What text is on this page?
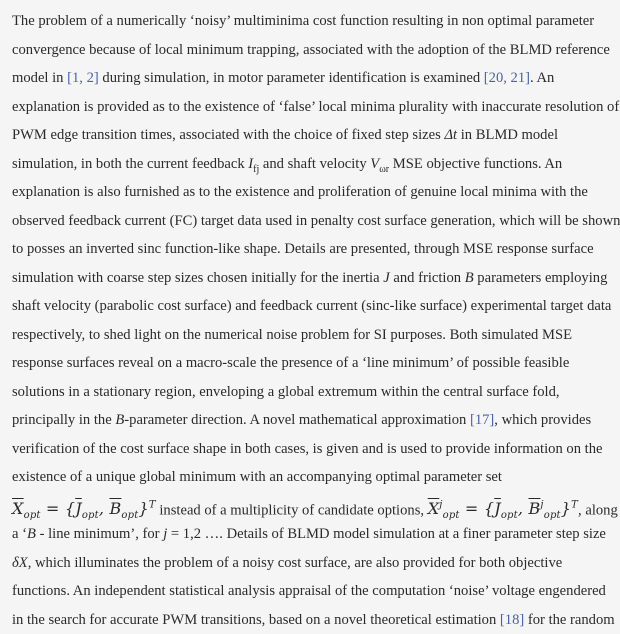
The problem of a numerically ‘noisy’ multiminima cost function resulting in non optimal parameter
convergence because of local minimum trapping, associated with the adoption of the BLMD reference
model in [1, 2] during simulation, in motor parameter identification is examined [20, 21]. An
explanation is provided as to the existence of ‘false’ local minima plurality with inaccurate resolution of
PWM edge transition times, associated with the choice of fixed step sizes Δt in BLMD model
simulation, in both the current feedback $I_{fj}$ and shaft velocity $V_{\omega r}$ MSE objective functions. An
explanation is also furnished as to the existence and proliferation of genuine local minima with the
observed feedback current (FC) target data used in penalty cost surface generation, which will be shown
to posses an inverted sinc function-like shape. Details are presented, through MSE response surface
simulation with coarse step sizes chosen initially for the inertia J and friction B parameters employing
shaft velocity (parabolic cost surface) and feedback current (sinc-like surface) experimental target data
respectively, to shed light on the numerical noise problem for SI purposes. Both simulated MSE
response surfaces reveal on a macro-scale the presence of a ‘line minimum’ of possible feasible
solutions in a stationary region, enveloping a global extremum within the central surface fold,
principally in the B-parameter direction. A novel mathematical approximation [17], which provides
verification of the cost surface shape in both cases, is given and is used to provide information on the
existence of a unique global minimum with an accompanying optimal parameter set
$\overline{X}_{opt} = \{\overline{J}_{opt}$, $\overline{B}_{opt}\}^T$ instead of a multiplicity of candidate options, $\overline{X}^j_{opt} = \{\overline{J}_{opt}$, $\overline{B}^j_{opt}\}^T$, along
a ‘B - line minimum’, for j = 1,2 …. Details of BLMD model simulation at a finer parameter step size
δX, which illuminates the problem of a noisy cost surface, are also provided for both objective
functions. An independent statistical analysis appraisal of the computation ‘noise’ voltage engendered
in the search for accurate PWM transitions, based on a novel theoretical estimation [18] for the random
